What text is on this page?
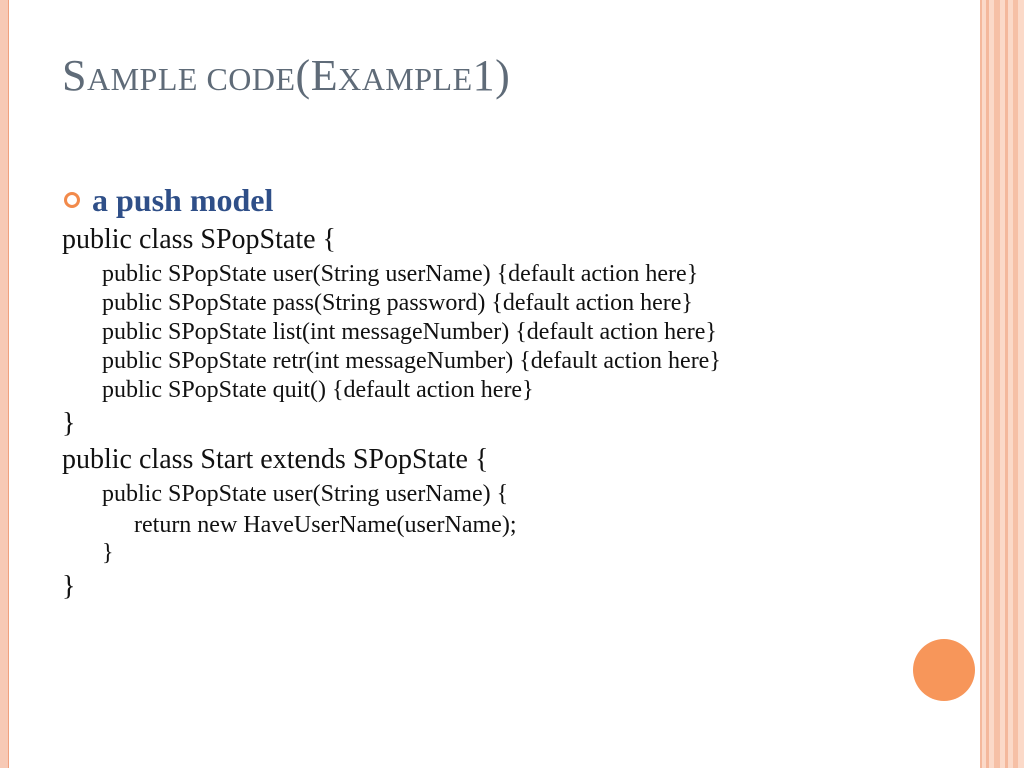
SAMPLE CODE(EXAMPLE1)
a push model
public class SPopState {
public SPopState user(String userName) {default action here}
public SPopState pass(String password) {default action here}
public SPopState list(int messageNumber) {default action here}
public SPopState retr(int messageNumber) {default action here}
public SPopState quit() {default action here}
}
public class Start extends SPopState {
public SPopState user(String userName) {
return new HaveUserName(userName);
}
}
